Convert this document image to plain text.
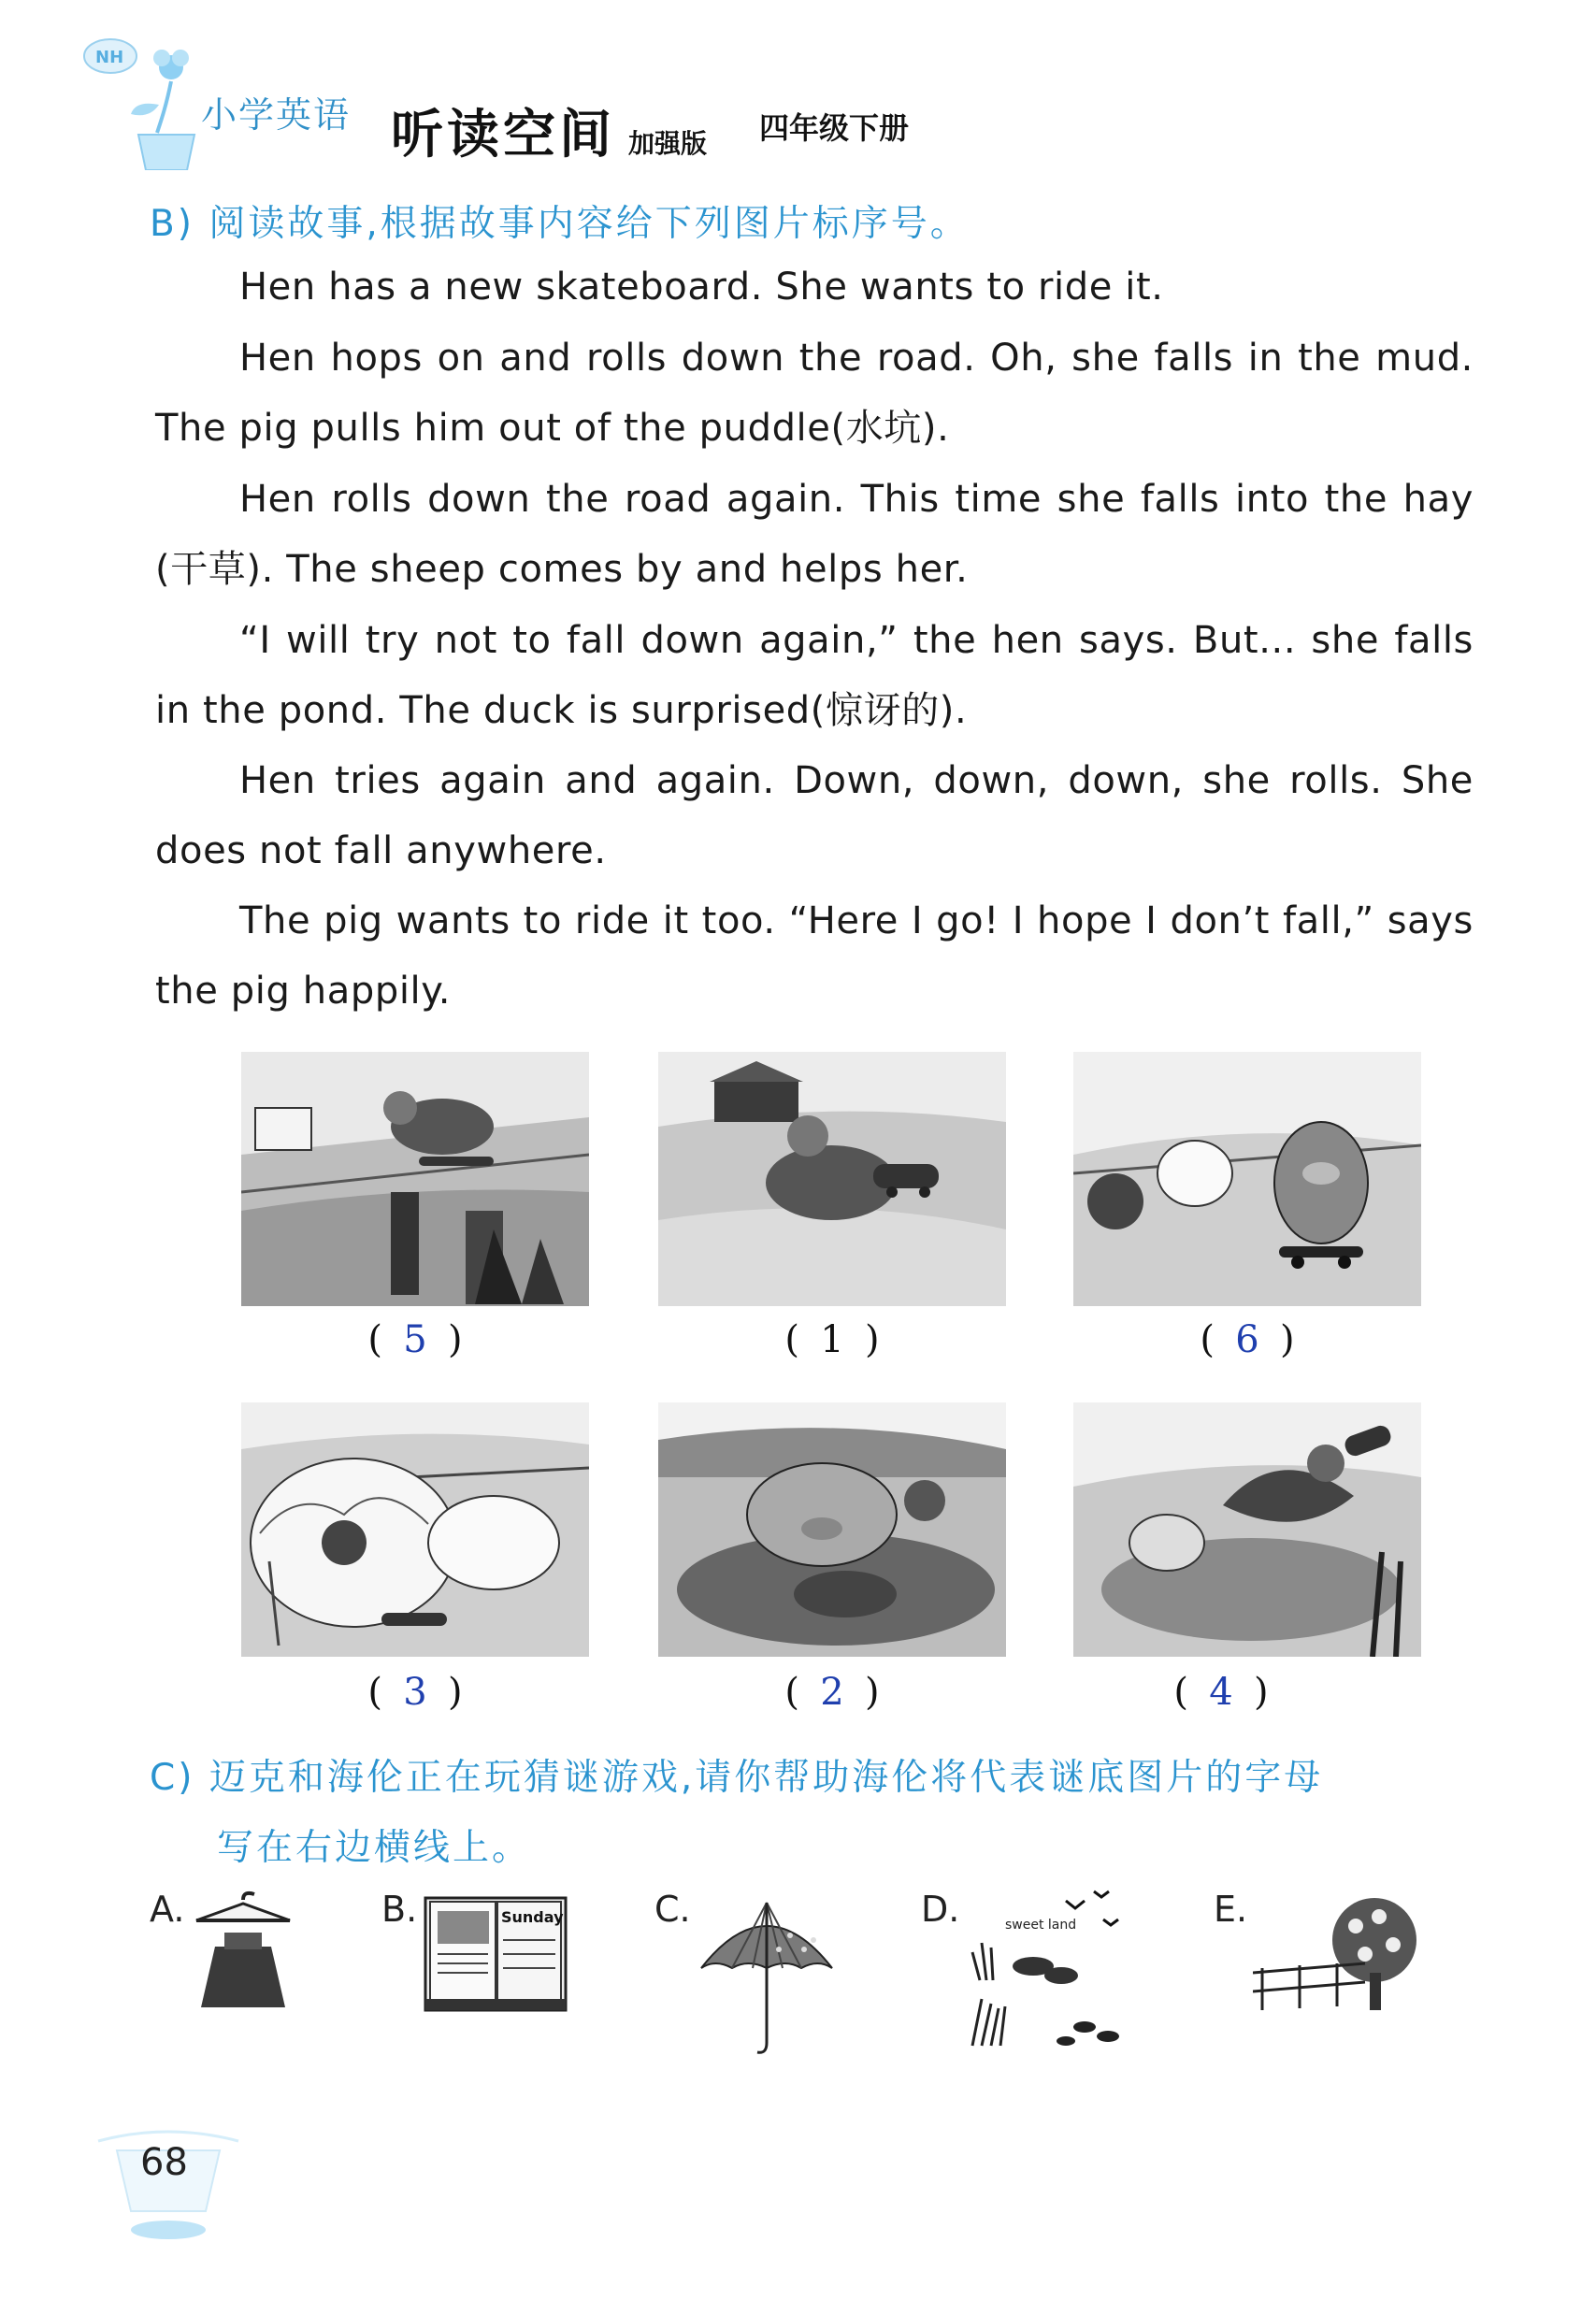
NH
小学英语 听读空间 加强版 四年级下册
B) 阅读故事,根据故事内容给下列图片标序号。
Hen has a new skateboard. She wants to ride it.
Hen hops on and rolls down the road. Oh, she falls in the mud. The pig pulls him out of the puddle(水坑).
Hen rolls down the road again. This time she falls into the hay (干草). The sheep comes by and helps her.
“I will try not to fall down again,” the hen says. But... she falls in the pond. The duck is surprised(惊讶的).
Hen tries again and again. Down, down, down, she rolls. She does not fall anywhere.
The pig wants to ride it too. “Here I go! I hope I don’t fall,” says the pig happily.
( 5 )	( 1 )	( 6 )
( 3 )	( 2 )	( 4 )
C) 迈克和海伦正在玩猜谜游戏,请你帮助海伦将代表谜底图片的字母
写在右边横线上。
A.	B.	Sunday	C.	D.	sweet land	E.
68
